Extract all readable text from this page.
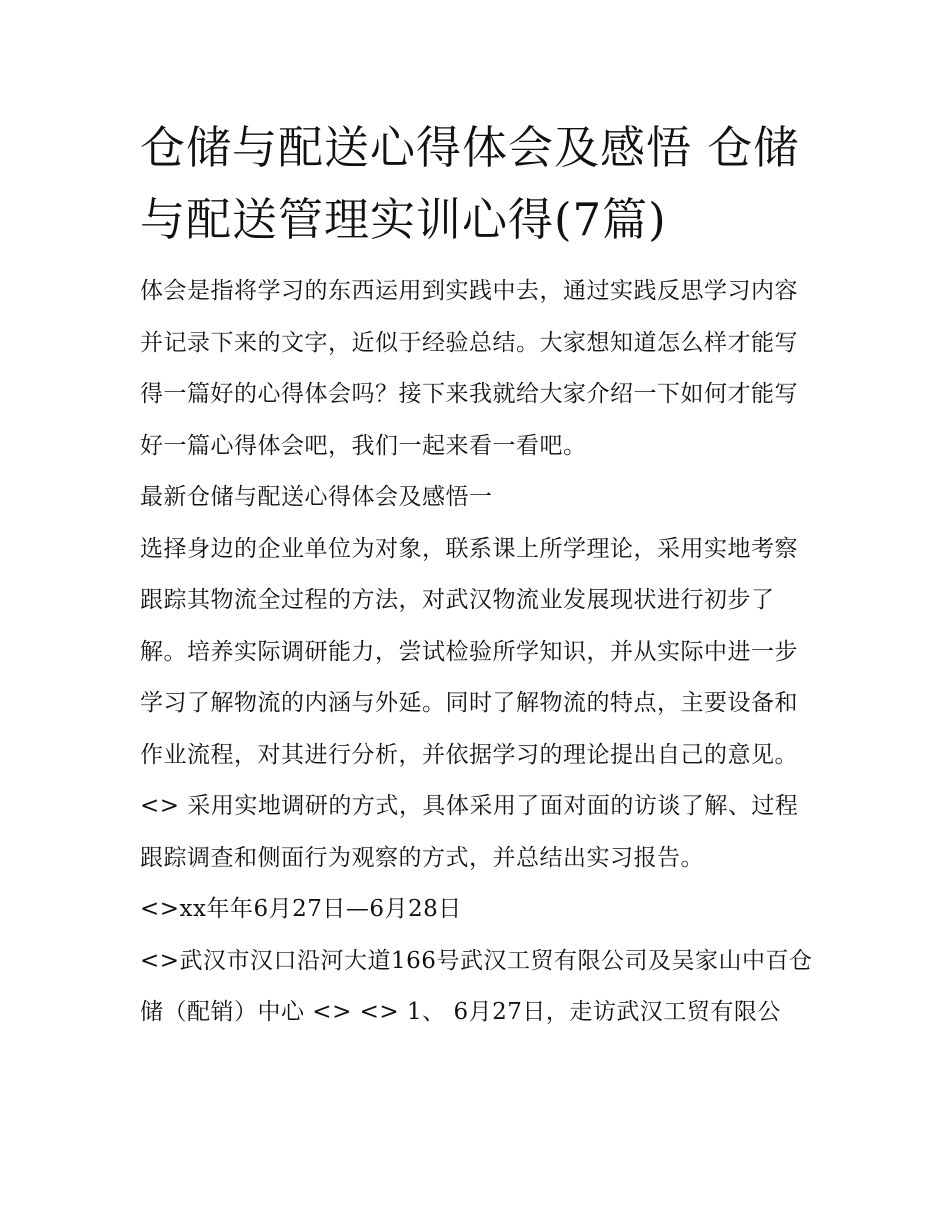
仓储与配送心得体会及感悟 仓储与配送管理实训心得(7篇)

体会是指将学习的东西运用到实践中去，通过实践反思学习内容并记录下来的文字，近似于经验总结。大家想知道怎么样才能写得一篇好的心得体会吗？接下来我就给大家介绍一下如何才能写好一篇心得体会吧，我们一起来看一看吧。

最新仓储与配送心得体会及感悟一

选择身边的企业单位为对象，联系课上所学理论，采用实地考察跟踪其物流全过程的方法，对武汉物流业发展现状进行初步了解。培养实际调研能力，尝试检验所学知识，并从实际中进一步学习了解物流的内涵与外延。同时了解物流的特点，主要设备和作业流程，对其进行分析，并依据学习的理论提出自己的意见。

<> 采用实地调研的方式，具体采用了面对面的访谈了解、过程跟踪调查和侧面行为观察的方式，并总结出实习报告。

<>xx年年6月27日—6月28日

<>武汉市汉口沿河大道166号武汉工贸有限公司及吴家山中百仓储（配销）中心 <> <> 1、 6月27日，走访武汉工贸有限公
